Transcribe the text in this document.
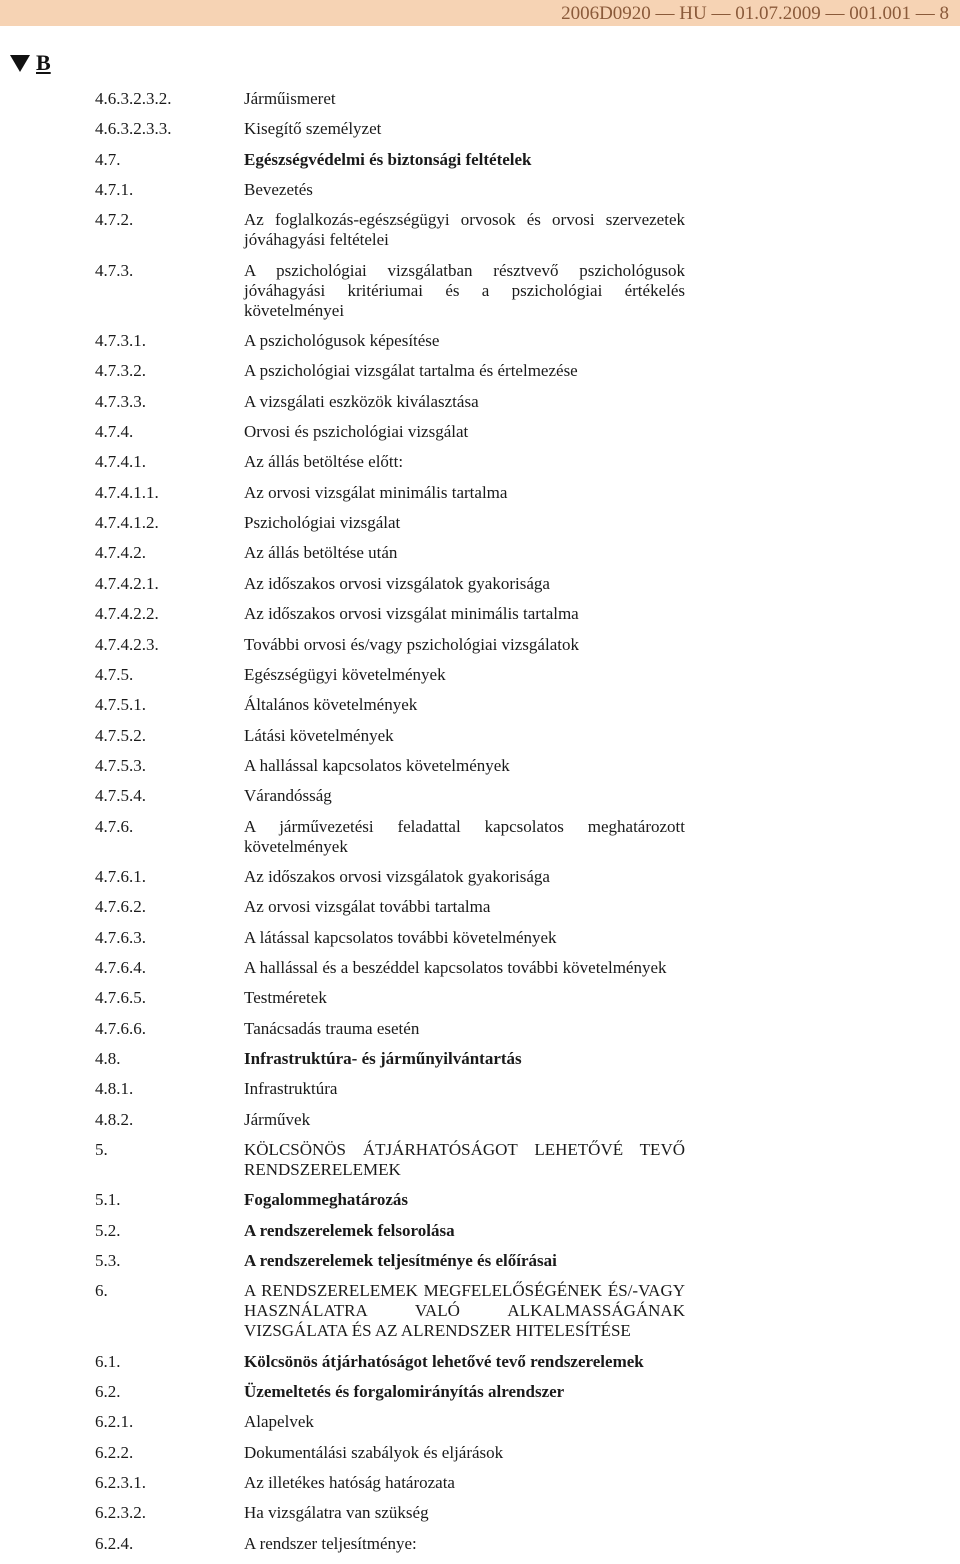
2006D0920 — HU — 01.07.2009 — 001.001 — 8
B
4.6.3.2.3.2.	Járműismeret
4.6.3.2.3.3.	Kisegítő személyzet
4.7.	Egészségvédelmi és biztonsági feltételek
4.7.1.	Bevezetés
4.7.2.	Az foglalkozás-egészségügyi orvosok és orvosi szervezetek jóváhagyási feltételei
4.7.3.	A pszichológiai vizsgálatban résztvevő pszichológusok jóváhagyási kritériumai és a pszichológiai értékelés követelményei
4.7.3.1.	A pszichológusok képesítése
4.7.3.2.	A pszichológiai vizsgálat tartalma és értelmezése
4.7.3.3.	A vizsgálati eszközök kiválasztása
4.7.4.	Orvosi és pszichológiai vizsgálat
4.7.4.1.	Az állás betöltése előtt:
4.7.4.1.1.	Az orvosi vizsgálat minimális tartalma
4.7.4.1.2.	Pszichológiai vizsgálat
4.7.4.2.	Az állás betöltése után
4.7.4.2.1.	Az időszakos orvosi vizsgálatok gyakorisága
4.7.4.2.2.	Az időszakos orvosi vizsgálat minimális tartalma
4.7.4.2.3.	További orvosi és/vagy pszichológiai vizsgálatok
4.7.5.	Egészségügyi követelmények
4.7.5.1.	Általános követelmények
4.7.5.2.	Látási követelmények
4.7.5.3.	A hallással kapcsolatos követelmények
4.7.5.4.	Várandósság
4.7.6.	A járművezetési feladattal kapcsolatos meghatározott követelmények
4.7.6.1.	Az időszakos orvosi vizsgálatok gyakorisága
4.7.6.2.	Az orvosi vizsgálat további tartalma
4.7.6.3.	A látással kapcsolatos további követelmények
4.7.6.4.	A hallással és a beszéddel kapcsolatos további követelmények
4.7.6.5.	Testméretek
4.7.6.6.	Tanácsadás trauma esetén
4.8.	Infrastruktúra- és járműnyilvántartás
4.8.1.	Infrastruktúra
4.8.2.	Járművek
5.	KÖLCSÖNÖS ÁTJÁRHATÓSÁGOT LEHETŐVÉ TEVŐ RENDSZERELEMEK
5.1.	Fogalommeghatározás
5.2.	A rendszerelemek felsorolása
5.3.	A rendszerelemek teljesítménye és előírásai
6.	A RENDSZERELEMEK MEGFELELŐSÉGÉNEK ÉS/-VAGY HASZNÁLATRA VALÓ ALKALMASSÁGÁNAK VIZSGÁLATA ÉS AZ ALRENDSZER HITELESÍTÉSE
6.1.	Kölcsönös átjárhatóságot lehetővé tevő rendszerelemek
6.2.	Üzemeltetés és forgalomirányítás alrendszer
6.2.1.	Alapelvek
6.2.2.	Dokumentálási szabályok és eljárások
6.2.3.1.	Az illetékes hatóság határozata
6.2.3.2.	Ha vizsgálatra van szükség
6.2.4.	A rendszer teljesítménye:
